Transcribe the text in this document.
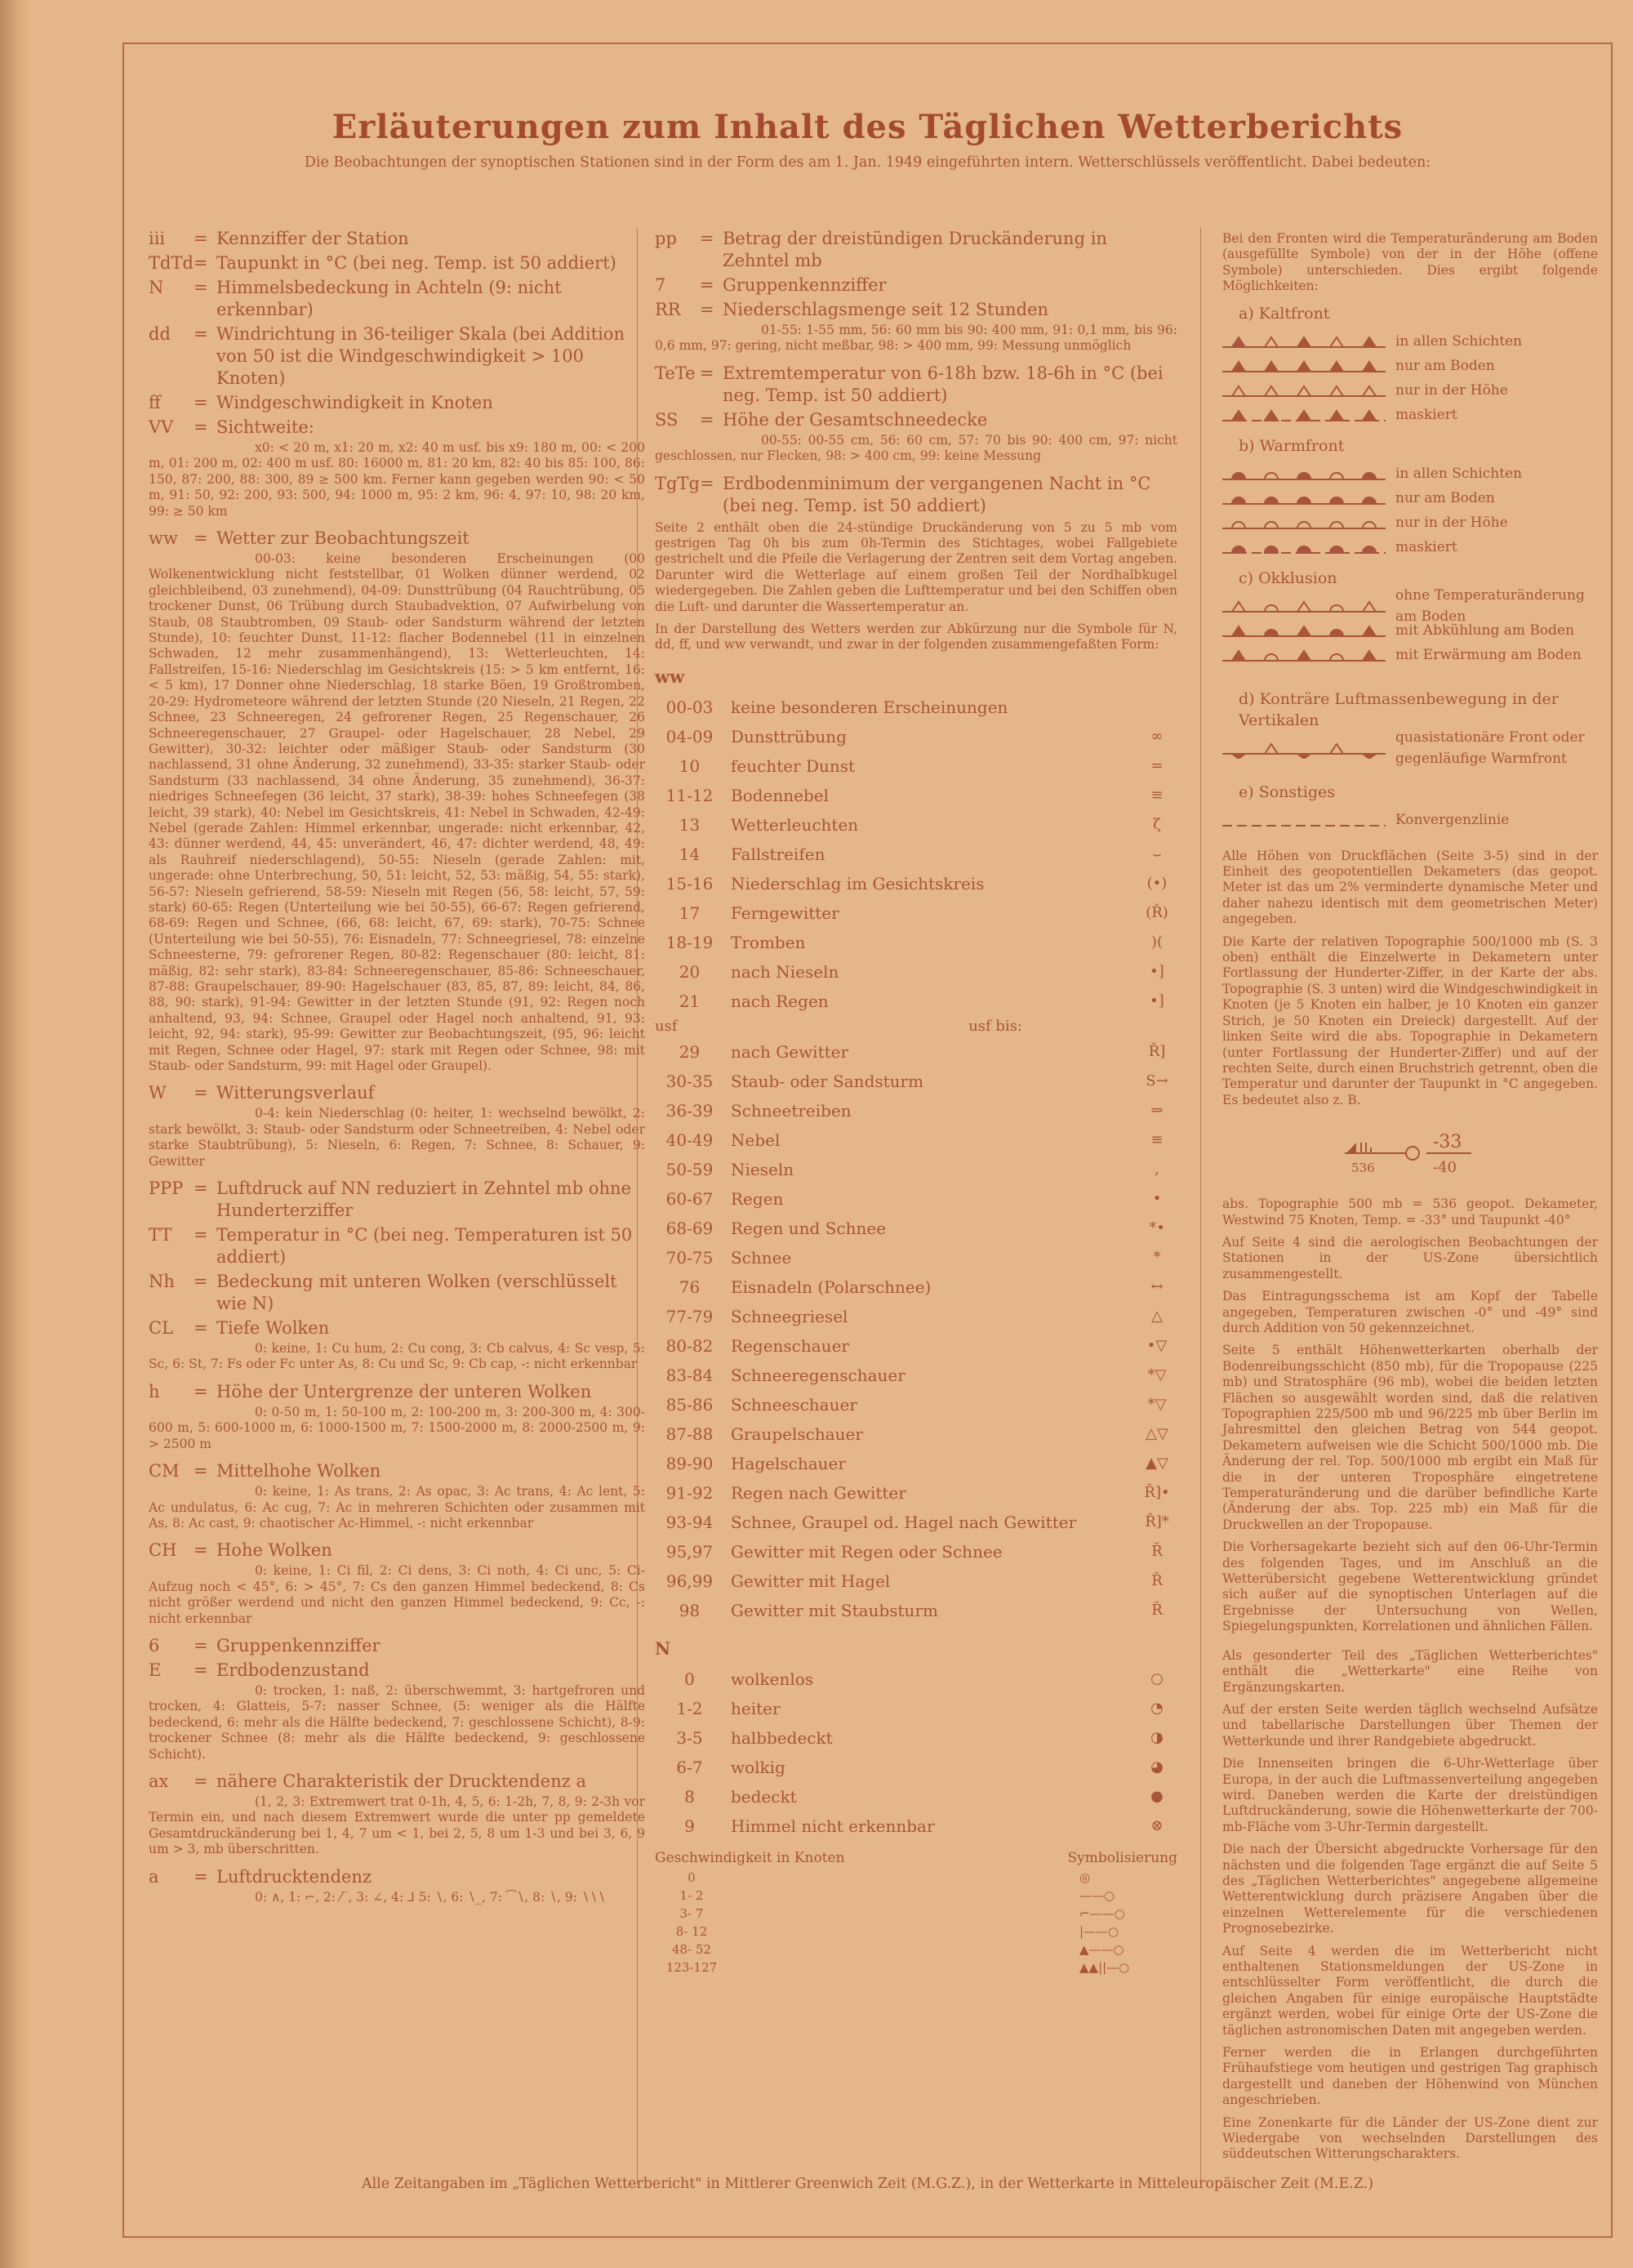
Erläuterungen zum Inhalt des Täglichen Wetterberichts
Die Beobachtungen der synoptischen Stationen sind in der Form des am 1. Jan. 1949 eingeführten intern. Wetterschlüssels veröffentlicht. Dabei bedeuten:
iii	= Kennziffer der Station
TdTd = Taupunkt in °C (bei neg. Temp. ist 50 addiert)
N	= Himmelsbedeckung in Achteln (9: nicht erkennbar)
dd	= Windrichtung in 36-teiliger Skala (bei Addition von 50 ist die Windgeschwindigkeit > 100 Knoten)
ff	= Windgeschwindigkeit in Knoten
VV	= Sichtweite:
x0: < 20 m, x1: 20 m, x2: 40 m usf. bis x9: 180 m, 00: < 200 m, 01: 200 m, 02: 400 m usf. 80: 16000 m, 81: 20 km, 82: 40 bis 85: 100, 86: 150, 87: 200, 88: 300, 89 ≥ 500 km. Ferner kann gegeben werden 90: < 50 m, 91: 50, 92: 200, 93: 500, 94: 1000 m, 95: 2 km, 96: 4, 97: 10, 98: 20 km, 99: ≥ 50 km
ww = Wetter zur Beobachtungszeit
00-03: keine besonderen Erscheinungen (00 Wolkenentwicklung nicht feststellbar, 01 Wolken dünner werdend, 02 gleichbleibend, 03 zunehmend), 04-09: Dunsttrübung (04 Rauchtrübung, 05 trockener Dunst, 06 Trübung durch Staubadvektion, 07 Aufwirbelung von Staub, 08 Staubtromben, 09 Staub- oder Sandsturm während der letzten Stunde), 10: feuchter Dunst, 11-12: flacher Bodennebel (11 in einzelnen Schwaden, 12 mehr zusammenhängend), 13: Wetterleuchten, 14: Fallstreifen, 15-16: Niederschlag im Gesichtskreis (15: > 5 km entfernt, 16: < 5 km), 17 Donner ohne Niederschlag, 18 starke Böen, 19 Großtromben, 20-29: Hydrometeore während der letzten Stunde (20 Nieseln, 21 Regen, 22 Schnee, 23 Schneeregen, 24 gefrorener Regen, 25 Regenschauer, 26 Schneeregenschauer, 27 Graupel- oder Hagelschauer, 28 Nebel, 29 Gewitter), 30-32: leichter oder mäßiger Staub- oder Sandsturm (30 nachlassend, 31 ohne Änderung, 32 zunehmend), 33-35: starker Staub- oder Sandsturm (33 nachlassend, 34 ohne Änderung, 35 zunehmend), 36-37: niedriges Schneefegen (36 leicht, 37 stark), 38-39: hohes Schneefegen (38 leicht, 39 stark), 40: Nebel im Gesichtskreis, 41: Nebel in Schwaden, 42-49: Nebel (gerade Zahlen: Himmel erkennbar, ungerade: nicht erkennbar, 42, 43: dünner werdend, 44, 45: unverändert, 46, 47: dichter werdend, 48, 49: als Rauhreif niederschlagend), 50-55: Nieseln (gerade Zahlen: mit, ungerade: ohne Unterbrechung, 50, 51: leicht, 52, 53: mäßig, 54, 55: stark), 56-57: Nieseln gefrierend, 58-59: Nieseln mit Regen (56, 58: leicht, 57, 59: stark) 60-65: Regen (Unterteilung wie bei 50-55), 66-67: Regen gefrierend, 68-69: Regen und Schnee, (66, 68: leicht, 67, 69: stark), 70-75: Schnee (Unterteilung wie bei 50-55), 76: Eisnadeln, 77: Schneegriesel, 78: einzelne Schneesterne, 79: gefrorener Regen, 80-82: Regenschauer (80: leicht, 81: mäßig, 82: sehr stark), 83-84: Schneeregenschauer, 85-86: Schneeschauer, 87-88: Graupelschauer, 89-90: Hagelschauer (83, 85, 87, 89: leicht, 84, 86, 88, 90: stark), 91-94: Gewitter in der letzten Stunde (91, 92: Regen noch anhaltend, 93, 94: Schnee, Graupel oder Hagel noch anhaltend, 91, 93: leicht, 92, 94: stark), 95-99: Gewitter zur Beobachtungszeit, (95, 96: leicht mit Regen, Schnee oder Hagel, 97: stark mit Regen oder Schnee, 98: mit Staub- oder Sandsturm, 99: mit Hagel oder Graupel).
W	= Witterungsverlauf
0-4: kein Niederschlag (0: heiter, 1: wechselnd bewölkt, 2: stark bewölkt, 3: Staub- oder Sandsturm oder Schneetreiben, 4: Nebel oder starke Staubtrübung), 5: Nieseln, 6: Regen, 7: Schnee, 8: Schauer, 9: Gewitter
PPP = Luftdruck auf NN reduziert in Zehntel mb ohne Hunderterziffer
TT	= Temperatur in °C (bei neg. Temperaturen ist 50 addiert)
Nh	= Bedeckung mit unteren Wolken (verschlüsselt wie N)
CL	= Tiefe Wolken
0: keine, 1: Cu hum, 2: Cu cong, 3: Cb calvus, 4: Sc vesp, 5: Sc, 6: St, 7: Fs oder Fc unter As, 8: Cu und Sc, 9: Cb cap, -: nicht erkennbar
h	= Höhe der Untergrenze der unteren Wolken
0: 0-50 m, 1: 50-100 m, 2: 100-200 m, 3: 200-300 m, 4: 300-600 m, 5: 600-1000 m, 6: 1000-1500 m, 7: 1500-2000 m, 8: 2000-2500 m, 9: > 2500 m
CM = Mittelhohe Wolken
0: keine, 1: As trans, 2: As opac, 3: Ac trans, 4: Ac lent, 5: Ac undulatus, 6: Ac cug, 7: Ac in mehreren Schichten oder zusammen mit As, 8: Ac cast, 9: chaotischer Ac-Himmel, -: nicht erkennbar
CH = Hohe Wolken
0: keine, 1: Ci fil, 2: Ci dens, 3: Ci noth, 4: Ci unc, 5: Ci-Aufzug noch < 45°, 6: > 45°, 7: Cs den ganzen Himmel bedeckend, 8: Cs nicht größer werdend und nicht den ganzen Himmel bedeckend, 9: Cc, -: nicht erkennbar
6	= Gruppenkennziffer
E	= Erdbodenzustand
0: trocken, 1: naß, 2: überschwemmt, 3: hartgefroren und trocken, 4: Glatteis, 5-7: nasser Schnee, (5: weniger als die Hälfte bedeckend, 6: mehr als die Hälfte bedeckend, 7: geschlossene Schicht), 8-9: trockener Schnee (8: mehr als die Hälfte bedeckend, 9: geschlossene Schicht).
ax	= nähere Charakteristik der Drucktendenz a
(1, 2, 3: Extremwert trat 0-1h, 4, 5, 6: 1-2h, 7, 8, 9: 2-3h vor Termin ein, und nach diesem Extremwert wurde die unter pp gemeldete Gesamtdruckänderung bei 1, 4, 7 um < 1, bei 2, 5, 8 um 1-3 und bei 3, 6, 9 um > 3, mb überschritten.
a	= Luftdrucktendenz
0: ∧, 1: ⌐, 2: ⁄‾, 3: ∠, 4: ⅃ 5: ∖, 6: ∖_, 7: ⁀∖, 8: ∖, 9: ∖∖∖
pp	= Betrag der dreistündigen Druckänderung in Zehntel mb
7	= Gruppenkennziffer
RR	= Niederschlagsmenge seit 12 Stunden
01-55: 1-55 mm, 56: 60 mm bis 90: 400 mm, 91: 0,1 mm, bis 96: 0,6 mm, 97: gering, nicht meßbar, 98: > 400 mm, 99: Messung unmöglich
TeTe = Extremtemperatur von 6-18h bzw. 18-6h in °C (bei neg. Temp. ist 50 addiert)
SS	= Höhe der Gesamtschneedecke
00-55: 00-55 cm, 56: 60 cm, 57: 70 bis 90: 400 cm, 97: nicht geschlossen, nur Flecken, 98: > 400 cm, 99: keine Messung
TgTg = Erdbodenminimum der vergangenen Nacht in °C (bei neg. Temp. ist 50 addiert)
Seite 2 enthält oben die 24-stündige Druckänderung von 5 zu 5 mb vom gestrigen Tag 0h bis zum 0h-Termin des Stichtages, wobei Fallgebiete gestrichelt und die Pfeile die Verlagerung der Zentren seit dem Vortag angeben. Darunter wird die Wetterlage auf einem großen Teil der Nordhalbkugel wiedergegeben. Die Zahlen geben die Lufttemperatur und bei den Schiffen oben die Luft- und darunter die Wassertemperatur an.
In der Darstellung des Wetters werden zur Abkürzung nur die Symbole für N, dd, ff, und ww verwandt, und zwar in der folgenden zusammengefaßten Form:
ww
00-03	keine besonderen Erscheinungen
04-09	Dunsttrübung	∞
10	feuchter Dunst	=
11-12	Bodennebel	≡
13	Wetterleuchten	ζ
14	Fallstreifen	⌣
15-16	Niederschlag im Gesichtskreis	(•)
17	Ferngewitter	(Ř)
18-19	Tromben	)(
20	nach Nieseln	•]
21	nach Regen	•]
usf	usf bis:
29	nach Gewitter	Ř]
30-35	Staub- oder Sandsturm	S→
36-39	Schneetreiben	⇒
40-49	Nebel	≡
50-59	Nieseln	,
60-67	Regen	•
68-69	Regen und Schnee	*•
70-75	Schnee	*
76	Eisnadeln (Polarschnee)	↔
77-79	Schneegriesel	△
80-82	Regenschauer	•▽
83-84	Schneeregenschauer	*▽
85-86	Schneeschauer	*▽
87-88	Graupelschauer	△▽
89-90	Hagelschauer	▲▽
91-92	Regen nach Gewitter	Ř]•
93-94	Schnee, Graupel od. Hagel nach Gewitter	Ř]*
95,97	Gewitter mit Regen oder Schnee	Ř
96,99	Gewitter mit Hagel	Ř
98	Gewitter mit Staubsturm	Ř
N
0	wolkenlos	○
1-2	heiter	◔
3-5	halbbedeckt	◑
6-7	wolkig	◕
8	bedeckt	●
9	Himmel nicht erkennbar	⊗
Geschwindigkeit in Knoten	Symbolisierung
0	◎
1- 2	——○
3- 7	⌐——○
8- 12	|——○
48- 52	▲——○
123-127	▲▲||—○
Bei den Fronten wird die Temperaturänderung am Boden (ausgefüllte Symbole) von der in der Höhe (offene Symbole) unterschieden. Dies ergibt folgende Möglichkeiten:
a) Kaltfront
in allen Schichten
nur am Boden
nur in der Höhe
maskiert
b) Warmfront
in allen Schichten
nur am Boden
nur in der Höhe
maskiert
c) Okklusion
ohne Temperaturänderung am Boden
mit Abkühlung am Boden
mit Erwärmung am Boden
d) Konträre Luftmassenbewegung in der Vertikalen
quasistationäre Front oder gegenläufige Warmfront
e) Sonstiges
Konvergenzlinie
Alle Höhen von Druckflächen (Seite 3-5) sind in der Einheit des geopotentiellen Dekameters (das geopot. Meter ist das um 2% verminderte dynamische Meter und daher nahezu identisch mit dem geometrischen Meter) angegeben.
Die Karte der relativen Topographie 500/1000 mb (S. 3 oben) enthält die Einzelwerte in Dekametern unter Fortlassung der Hunderter-Ziffer, in der Karte der abs. Topographie (S. 3 unten) wird die Windgeschwindigkeit in Knoten (je 5 Knoten ein halber, je 10 Knoten ein ganzer Strich, je 50 Knoten ein Dreieck) dargestellt. Auf der linken Seite wird die abs. Topographie in Dekametern (unter Fortlassung der Hunderter-Ziffer) und auf der rechten Seite, durch einen Bruchstrich getrennt, oben die Temperatur und darunter der Taupunkt in °C angegeben. Es bedeutet also z. B.
536
-33
-40
abs. Topographie 500 mb = 536 geopot. Dekameter, Westwind 75 Knoten, Temp. = -33° und Taupunkt -40°
Auf Seite 4 sind die aerologischen Beobachtungen der Stationen in der US-Zone übersichtlich zusammengestellt.
Das Eintragungsschema ist am Kopf der Tabelle angegeben, Temperaturen zwischen -0° und -49° sind durch Addition von 50 gekennzeichnet.
Seite 5 enthält Höhenwetterkarten oberhalb der Bodenreibungsschicht (850 mb), für die Tropopause (225 mb) und Stratosphäre (96 mb), wobei die beiden letzten Flächen so ausgewählt worden sind, daß die relativen Topographien 225/500 mb und 96/225 mb über Berlin im Jahresmittel den gleichen Betrag von 544 geopot. Dekametern aufweisen wie die Schicht 500/1000 mb. Die Änderung der rel. Top. 500/1000 mb ergibt ein Maß für die in der unteren Troposphäre eingetretene Temperaturänderung und die darüber befindliche Karte (Änderung der abs. Top. 225 mb) ein Maß für die Druckwellen an der Tropopause.
Die Vorhersagekarte bezieht sich auf den 06-Uhr-Termin des folgenden Tages, und im Anschluß an die Wetterübersicht gegebene Wetterentwicklung gründet sich außer auf die synoptischen Unterlagen auf die Ergebnisse der Untersuchung von Wellen, Spiegelungspunkten, Korrelationen und ähnlichen Fällen.
Als gesonderter Teil des „Täglichen Wetterberichtes" enthält die „Wetterkarte" eine Reihe von Ergänzungskarten.
Auf der ersten Seite werden täglich wechselnd Aufsätze und tabellarische Darstellungen über Themen der Wetterkunde und ihrer Randgebiete abgedruckt.
Die Innenseiten bringen die 6-Uhr-Wetterlage über Europa, in der auch die Luftmassenverteilung angegeben wird. Daneben werden die Karte der dreistündigen Luftdruckänderung, sowie die Höhenwetterkarte der 700-mb-Fläche vom 3-Uhr-Termin dargestellt.
Die nach der Übersicht abgedruckte Vorhersage für den nächsten und die folgenden Tage ergänzt die auf Seite 5 des „Täglichen Wetterberichtes" angegebene allgemeine Wetterentwicklung durch präzisere Angaben über die einzelnen Wetterelemente für die verschiedenen Prognosebezirke.
Auf Seite 4 werden die im Wetterbericht nicht enthaltenen Stationsmeldungen der US-Zone in entschlüsselter Form veröffentlicht, die durch die gleichen Angaben für einige europäische Hauptstädte ergänzt werden, wobei für einige Orte der US-Zone die täglichen astronomischen Daten mit angegeben werden.
Ferner werden die in Erlangen durchgeführten Frühaufstiege vom heutigen und gestrigen Tag graphisch dargestellt und daneben der Höhenwind von München angeschrieben.
Eine Zonenkarte für die Länder der US-Zone dient zur Wiedergabe von wechselnden Darstellungen des süddeutschen Witterungscharakters.
Alle Zeitangaben im „Täglichen Wetterbericht" in Mittlerer Greenwich Zeit (M.G.Z.), in der Wetterkarte in Mitteleuropäischer Zeit (M.E.Z.)
